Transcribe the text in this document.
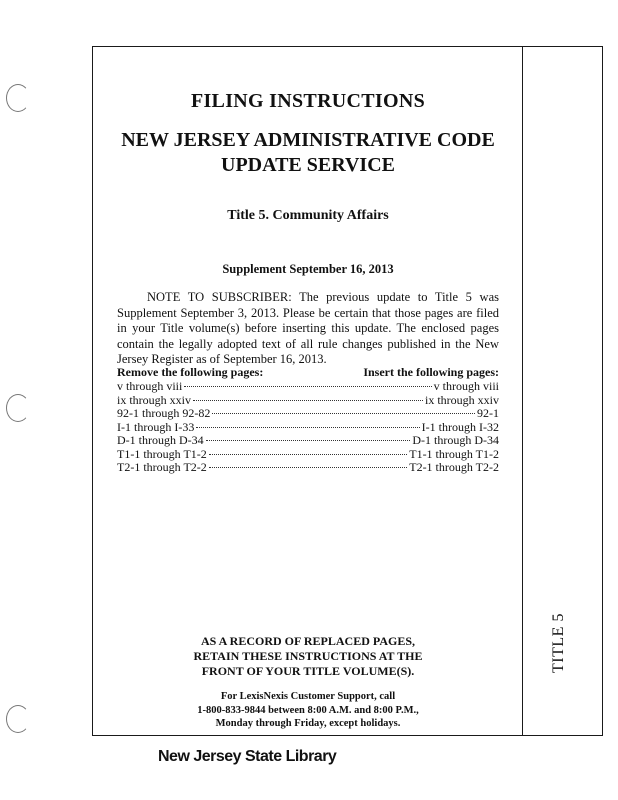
TITLE 5
FILING INSTRUCTIONS
NEW JERSEY ADMINISTRATIVE CODE
UPDATE SERVICE
Title 5. Community Affairs
Supplement September 16, 2013
NOTE TO SUBSCRIBER: The previous update to Title 5 was Supplement September 3, 2013. Please be certain that those pages are filed in your Title volume(s) before inserting this update. The enclosed pages contain the legally adopted text of all rule changes published in the New Jersey Register as of September 16, 2013.
Remove the following pages:	Insert the following pages:
v through viii	v through viii
ix through xxiv	ix through xxiv
92-1 through 92-82	92-1
I-1 through I-33	I-1 through I-32
D-1 through D-34	D-1 through D-34
T1-1 through T1-2	T1-1 through T1-2
T2-1 through T2-2	T2-1 through T2-2
AS A RECORD OF REPLACED PAGES,
RETAIN THESE INSTRUCTIONS AT THE
FRONT OF YOUR TITLE VOLUME(S).
For LexisNexis Customer Support, call
1-800-833-9844 between 8:00 A.M. and 8:00 P.M.,
Monday through Friday, except holidays.
New Jersey State Library
